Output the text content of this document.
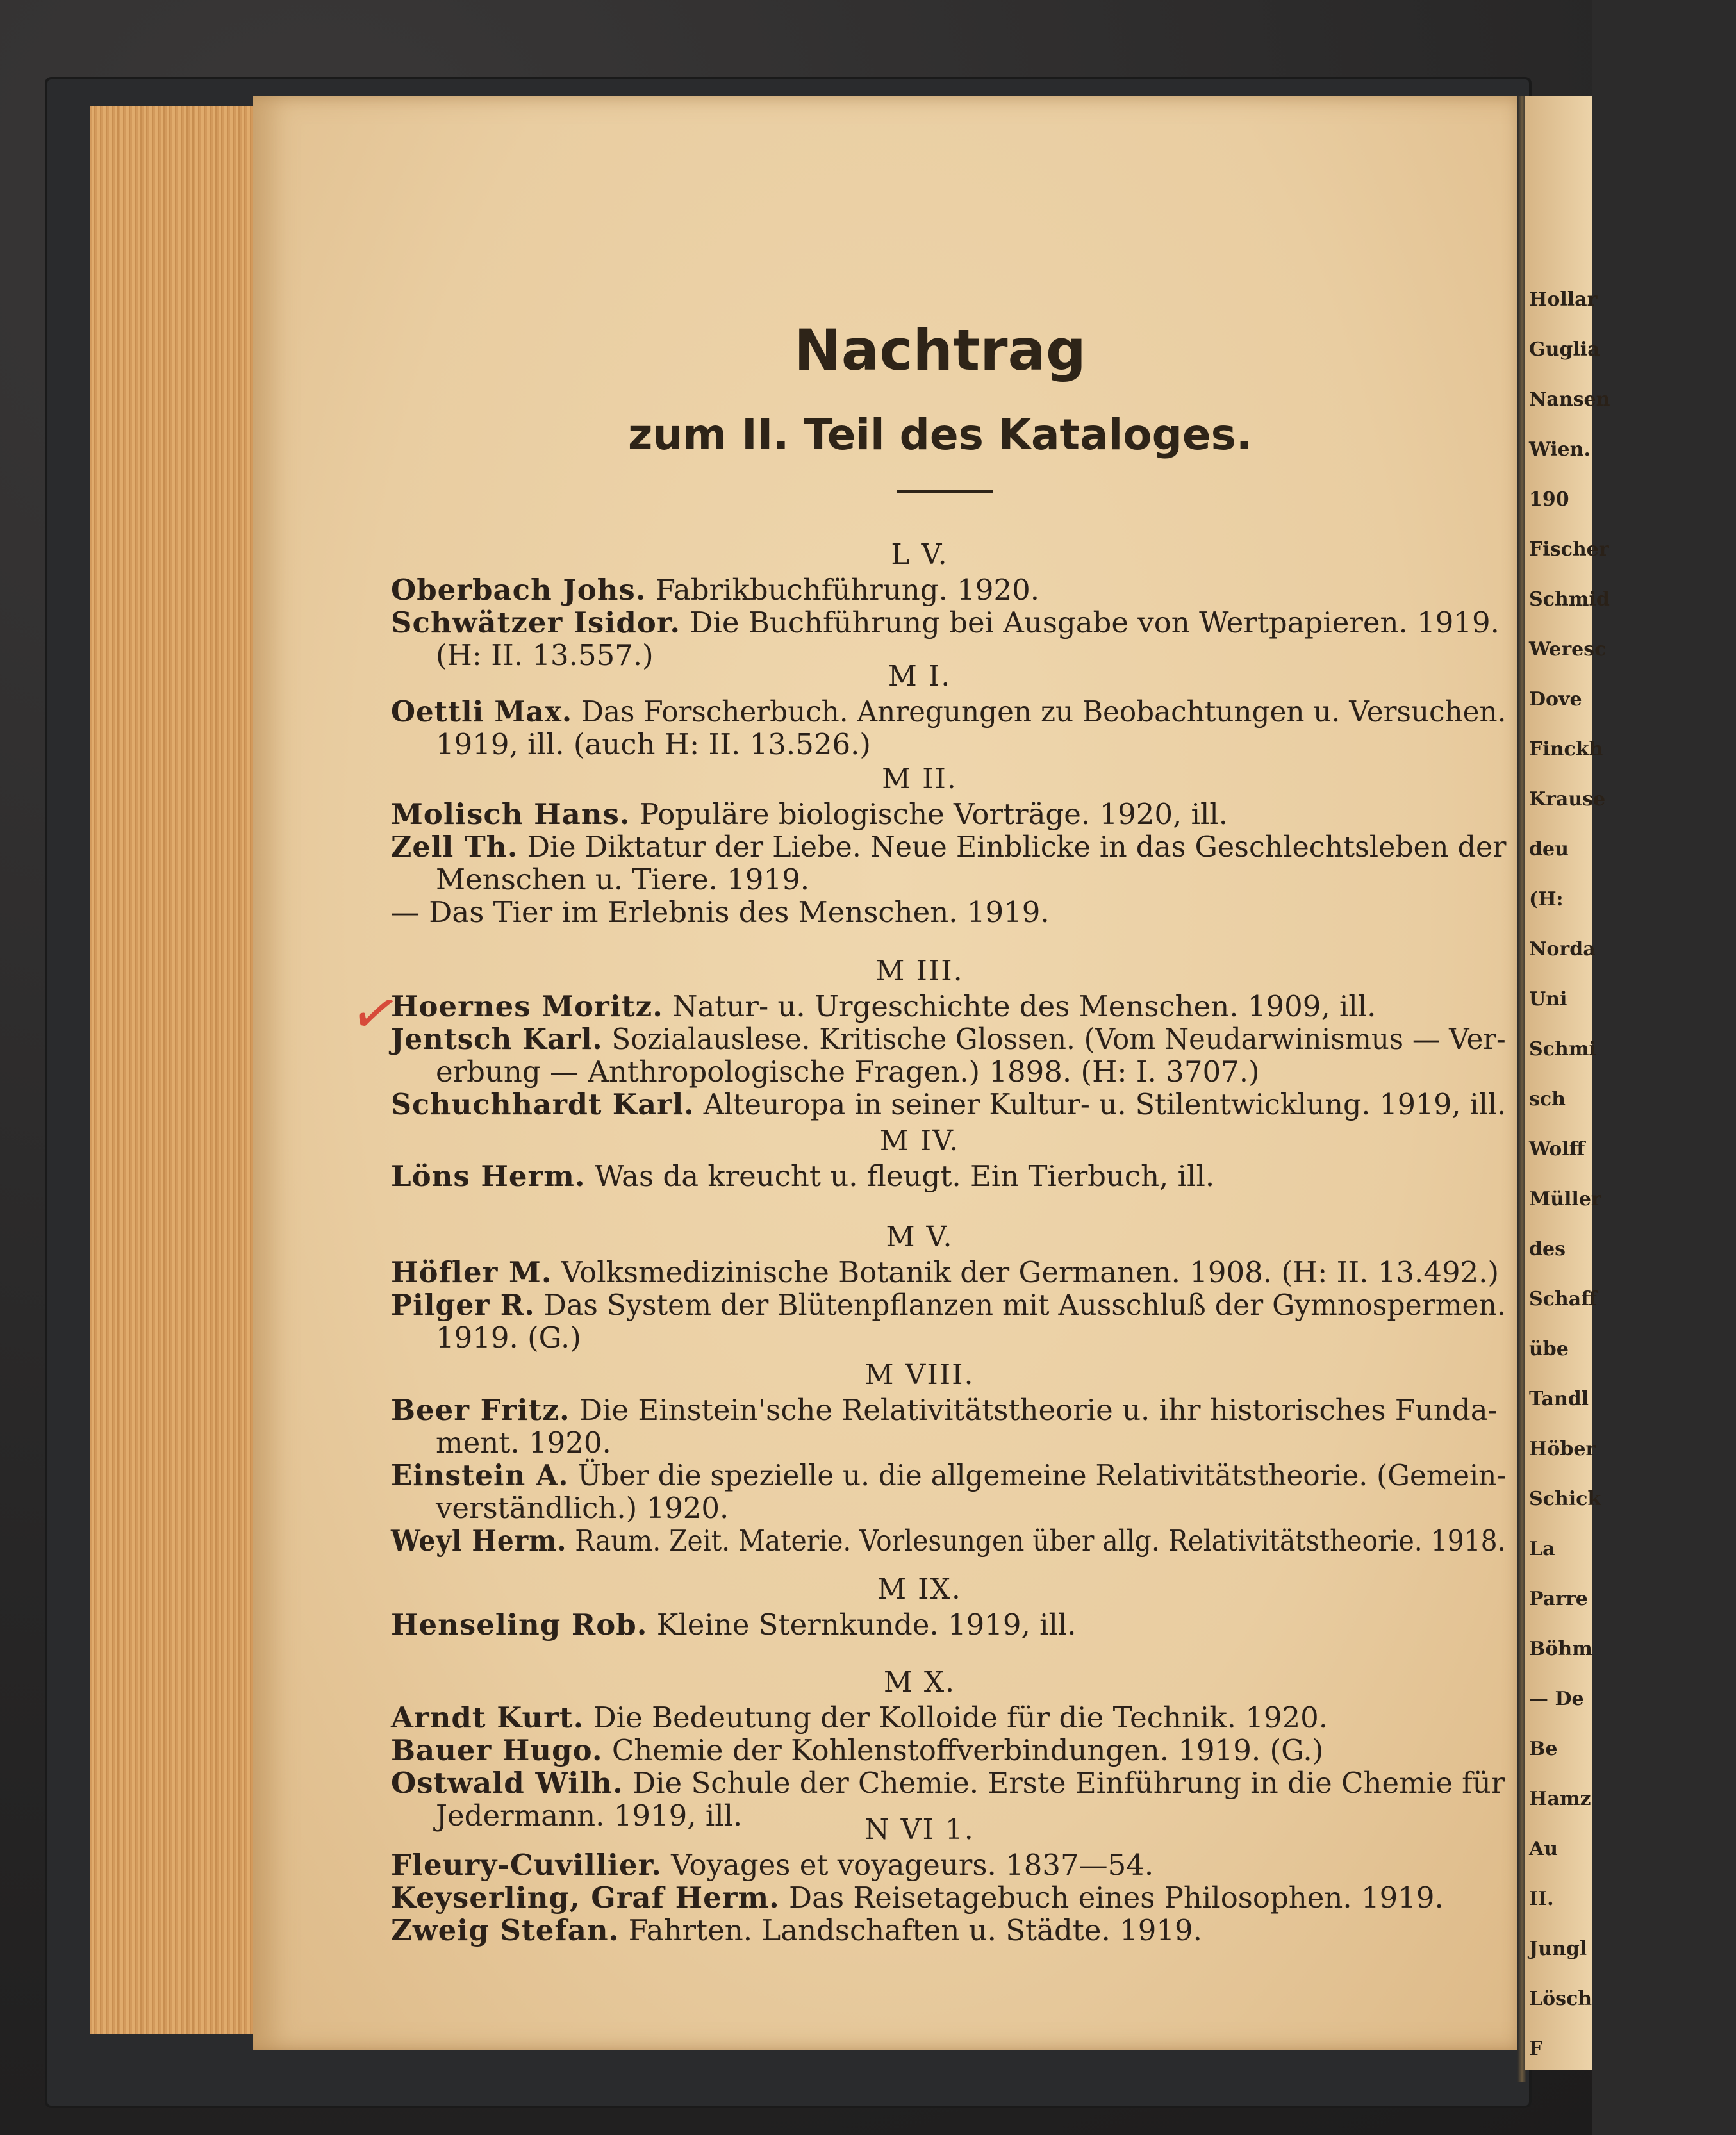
Hollar
Guglia
Nansen
Wien.
190
Fischer
Schmid
Weresc
Dove
Finckh
Krause
deu
(H:
Norda
Uni
Schmi
sch
Wolff
Müller
des
Schaff
übe
Tandl
Höber
Schick
La
Parre
Böhm
— De
Be
Hamz
Au
II.
Jungl
Lösch
F
Nachtrag
zum II. Teil des Kataloges.
✓
L V.
Oberbach Johs. Fabrikbuchführung. 1920.
Schwätzer Isidor. Die Buchführung bei Ausgabe von Wertpapieren. 1919.
(H: II. 13.557.)
M I.
Oettli Max. Das Forscherbuch. Anregungen zu Beobachtungen u. Versuchen.
1919, ill. (auch H: II. 13.526.)
M II.
Molisch Hans. Populäre biologische Vorträge. 1920, ill.
Zell Th. Die Diktatur der Liebe. Neue Einblicke in das Geschlechtsleben der
Menschen u. Tiere. 1919.
— Das Tier im Erlebnis des Menschen. 1919.
M III.
Hoernes Moritz. Natur- u. Urgeschichte des Menschen. 1909, ill.
Jentsch Karl. Sozialauslese. Kritische Glossen. (Vom Neudarwinismus — Ver-
erbung — Anthropologische Fragen.) 1898. (H: I. 3707.)
Schuchhardt Karl. Alteuropa in seiner Kultur- u. Stilentwicklung. 1919, ill.
M IV.
Löns Herm. Was da kreucht u. fleugt. Ein Tierbuch, ill.
M V.
Höfler M. Volksmedizinische Botanik der Germanen. 1908. (H: II. 13.492.)
Pilger R. Das System der Blütenpflanzen mit Ausschluß der Gymnospermen.
1919. (G.)
M VIII.
Beer Fritz. Die Einstein'sche Relativitätstheorie u. ihr historisches Funda-
ment. 1920.
Einstein A. Über die spezielle u. die allgemeine Relativitätstheorie. (Gemein-
verständlich.) 1920.
Weyl Herm. Raum. Zeit. Materie. Vorlesungen über allg. Relativitätstheorie. 1918.
M IX.
Henseling Rob. Kleine Sternkunde. 1919, ill.
M X.
Arndt Kurt. Die Bedeutung der Kolloide für die Technik. 1920.
Bauer Hugo. Chemie der Kohlenstoffverbindungen. 1919. (G.)
Ostwald Wilh. Die Schule der Chemie. Erste Einführung in die Chemie für
Jedermann. 1919, ill.	N VI 1.
Fleury-Cuvillier. Voyages et voyageurs. 1837—54.
Keyserling, Graf Herm. Das Reisetagebuch eines Philosophen. 1919.
Zweig Stefan. Fahrten. Landschaften u. Städte. 1919.
